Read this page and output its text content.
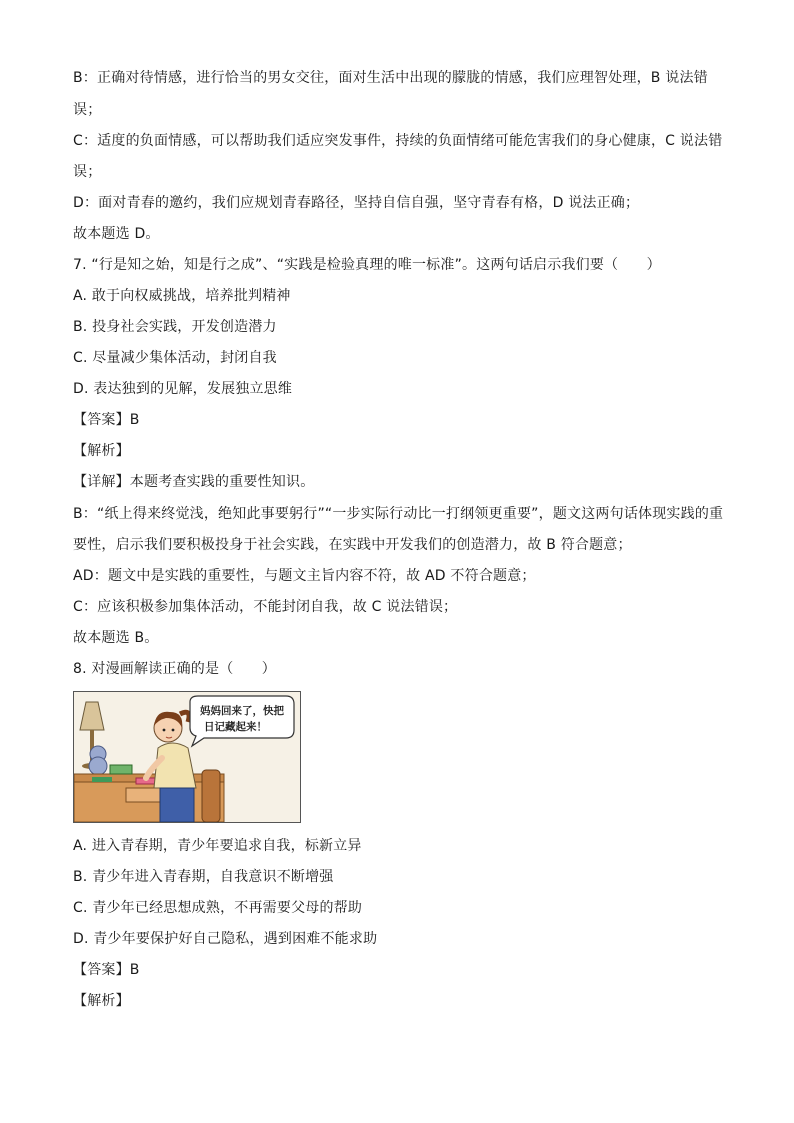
B：正确对待情感，进行恰当的男女交往，面对生活中出现的朦胧的情感，我们应理智处理，B 说法错
误；
C：适度的负面情感，可以帮助我们适应突发事件，持续的负面情绪可能危害我们的身心健康，C 说法错
误；
D：面对青春的邀约，我们应规划青春路径，坚持自信自强，坚守青春有格，D 说法正确；
故本题选 D。
7. “行是知之始，知是行之成”、“实践是检验真理的唯一标准”。这两句话启示我们要（　　）
A. 敢于向权威挑战，培养批判精神
B. 投身社会实践，开发创造潜力
C. 尽量减少集体活动，封闭自我
D. 表达独到的见解，发展独立思维
【答案】B
【解析】
【详解】本题考查实践的重要性知识。
B：“纸上得来终觉浅，绝知此事要躬行”“一步实际行动比一打纲领更重要”，题文这两句话体现实践的重
要性，启示我们要积极投身于社会实践，在实践中开发我们的创造潜力，故 B 符合题意；
AD：题文中是实践的重要性，与题文主旨内容不符，故 AD 不符合题意；
C：应该积极参加集体活动，不能封闭自我，故 C 说法错误；
故本题选 B。
8. 对漫画解读正确的是（　　）
妈妈回来了，快把
日记藏起来！
A. 进入青春期，青少年要追求自我，标新立异
B. 青少年进入青春期，自我意识不断增强
C. 青少年已经思想成熟，不再需要父母的帮助
D. 青少年要保护好自己隐私，遇到困难不能求助
【答案】B
【解析】
